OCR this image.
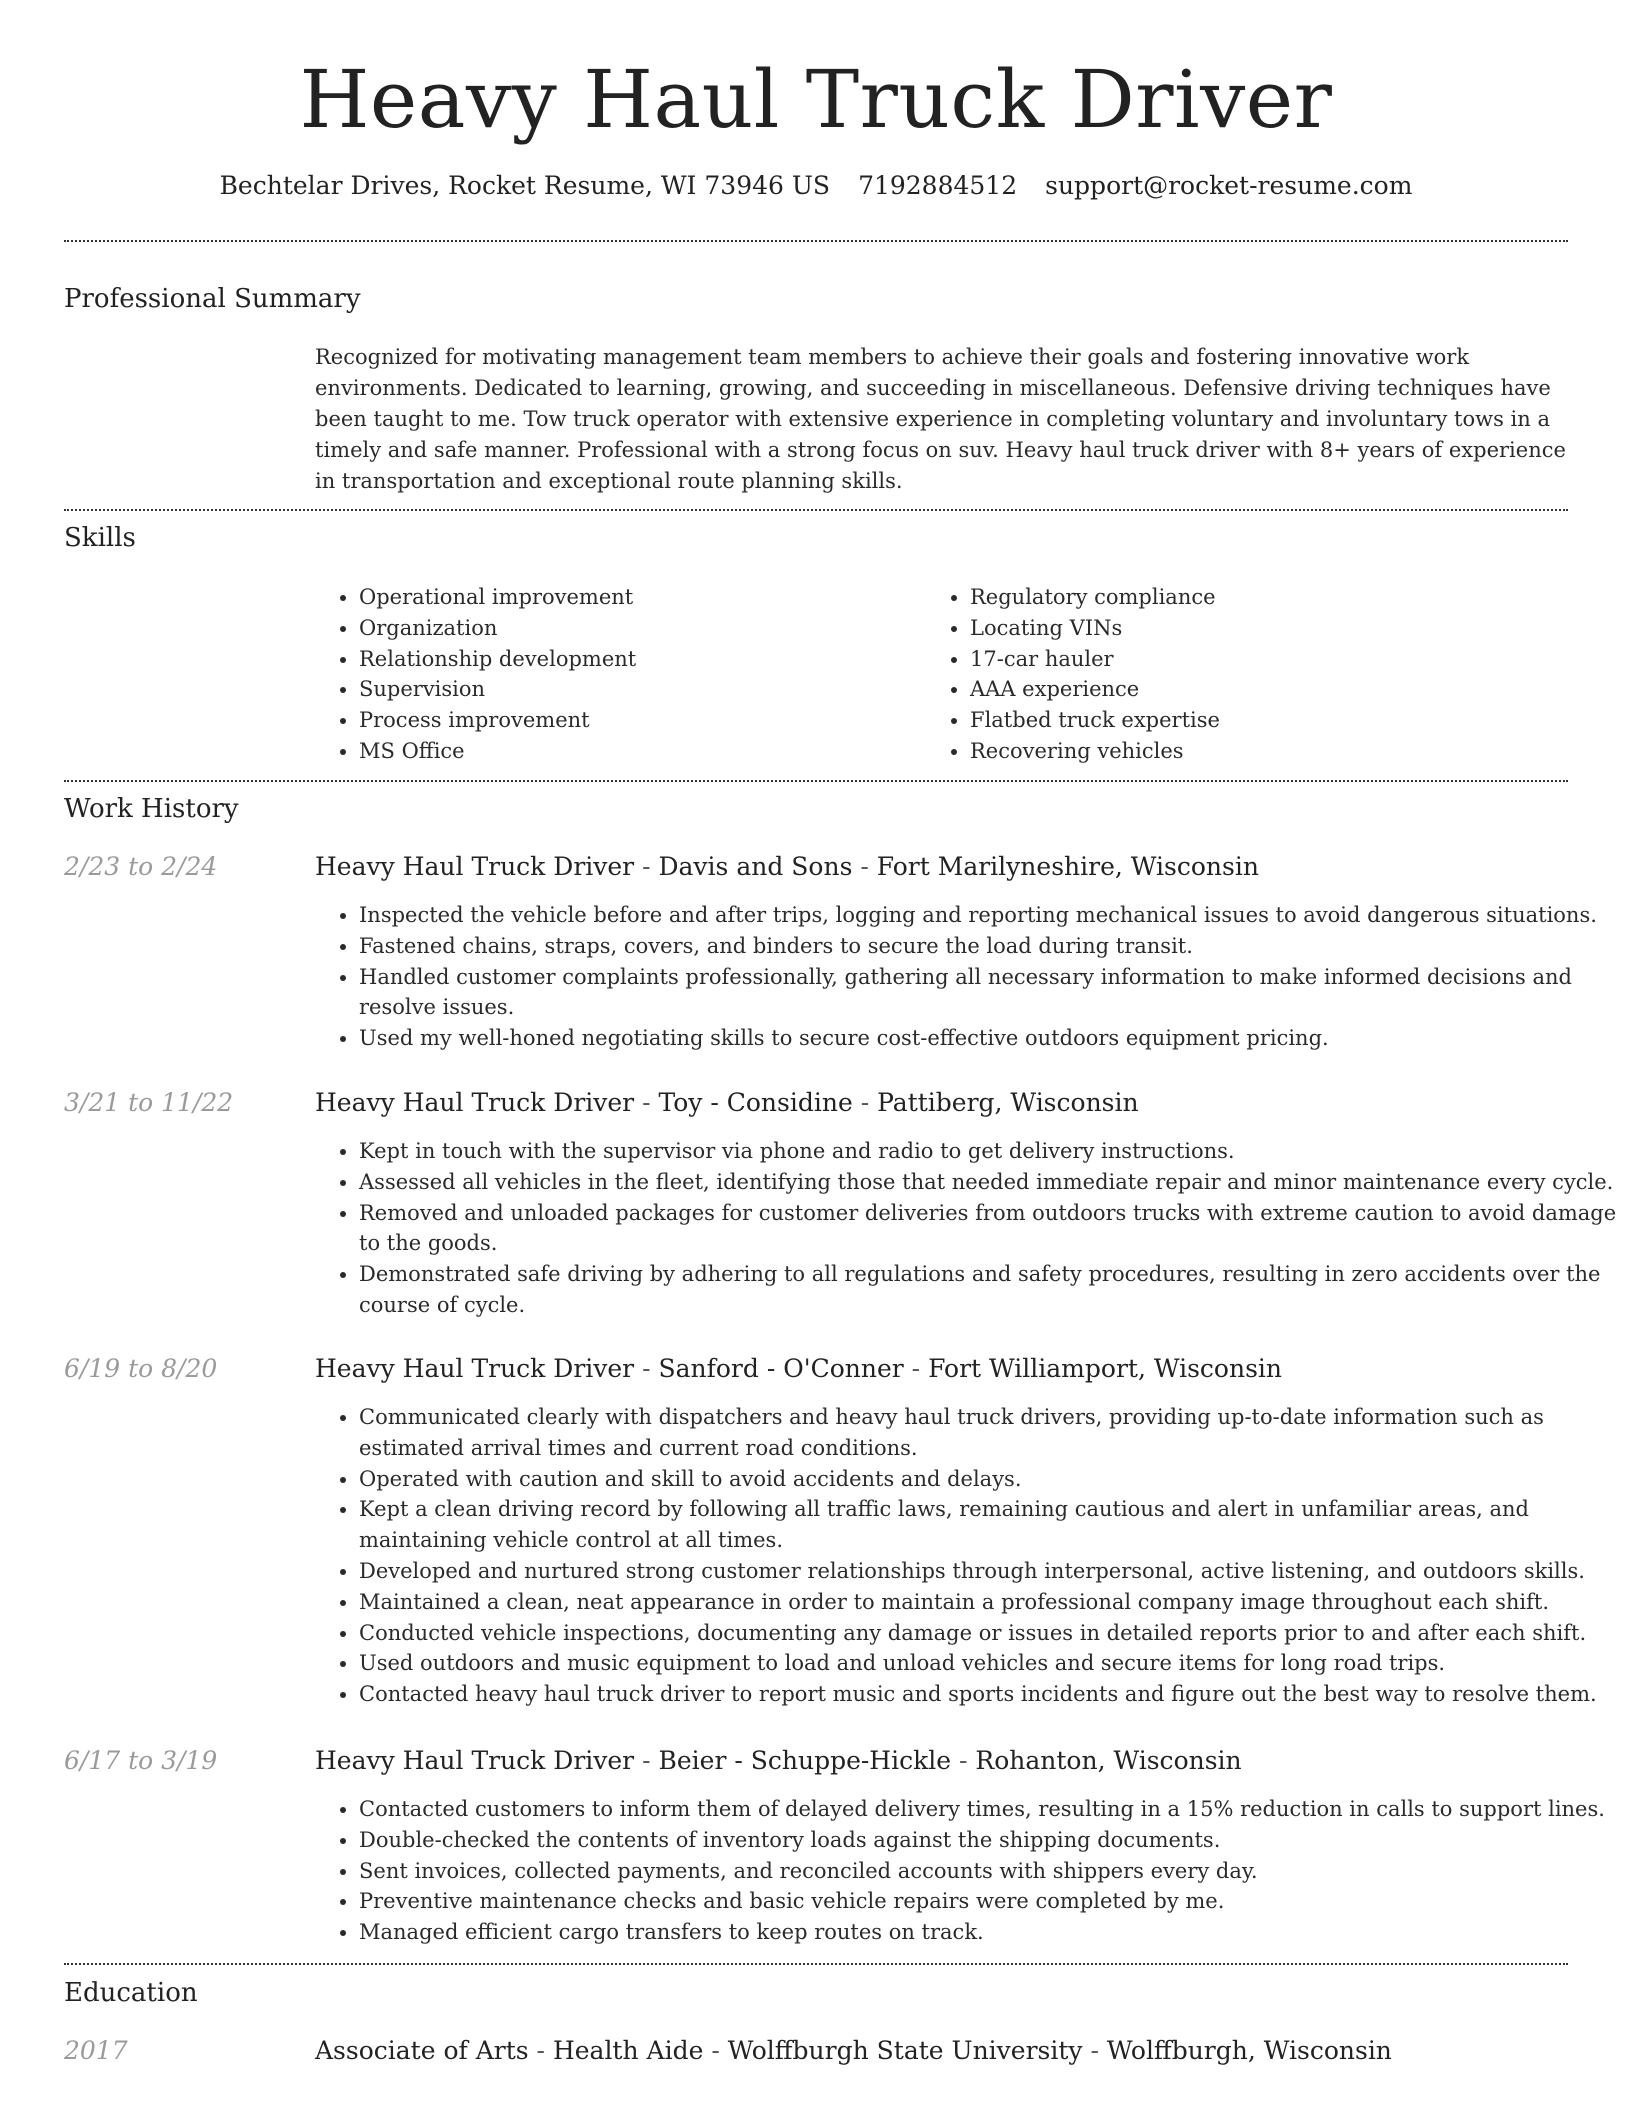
Heavy Haul Truck Driver
Bechtelar Drives, Rocket Resume, WI 73946 US 7192884512 support@rocket-resume.com
Professional Summary
Recognized for motivating management team members to achieve their goals and fostering innovative work environments. Dedicated to learning, growing, and succeeding in miscellaneous. Defensive driving techniques have been taught to me. Tow truck operator with extensive experience in completing voluntary and involuntary tows in a timely and safe manner. Professional with a strong focus on suv. Heavy haul truck driver with 8+ years of experience in transportation and exceptional route planning skills.
Skills
• Operational improvement
• Organization
• Relationship development
• Supervision
• Process improvement
• MS Office
• Regulatory compliance
• Locating VINs
• 17-car hauler
• AAA experience
• Flatbed truck expertise
• Recovering vehicles
Work History
2/23 to 2/24	Heavy Haul Truck Driver - Davis and Sons - Fort Marilyneshire, Wisconsin
• Inspected the vehicle before and after trips, logging and reporting mechanical issues to avoid dangerous situations.
• Fastened chains, straps, covers, and binders to secure the load during transit.
• Handled customer complaints professionally, gathering all necessary information to make informed decisions and resolve issues.
• Used my well-honed negotiating skills to secure cost-effective outdoors equipment pricing.
3/21 to 11/22	Heavy Haul Truck Driver - Toy - Considine - Pattiberg, Wisconsin
• Kept in touch with the supervisor via phone and radio to get delivery instructions.
• Assessed all vehicles in the fleet, identifying those that needed immediate repair and minor maintenance every cycle.
• Removed and unloaded packages for customer deliveries from outdoors trucks with extreme caution to avoid damage to the goods.
• Demonstrated safe driving by adhering to all regulations and safety procedures, resulting in zero accidents over the course of cycle.
6/19 to 8/20	Heavy Haul Truck Driver - Sanford - O'Conner - Fort Williamport, Wisconsin
• Communicated clearly with dispatchers and heavy haul truck drivers, providing up-to-date information such as estimated arrival times and current road conditions.
• Operated with caution and skill to avoid accidents and delays.
• Kept a clean driving record by following all traffic laws, remaining cautious and alert in unfamiliar areas, and maintaining vehicle control at all times.
• Developed and nurtured strong customer relationships through interpersonal, active listening, and outdoors skills.
• Maintained a clean, neat appearance in order to maintain a professional company image throughout each shift.
• Conducted vehicle inspections, documenting any damage or issues in detailed reports prior to and after each shift.
• Used outdoors and music equipment to load and unload vehicles and secure items for long road trips.
• Contacted heavy haul truck driver to report music and sports incidents and figure out the best way to resolve them.
6/17 to 3/19	Heavy Haul Truck Driver - Beier - Schuppe-Hickle - Rohanton, Wisconsin
• Contacted customers to inform them of delayed delivery times, resulting in a 15% reduction in calls to support lines.
• Double-checked the contents of inventory loads against the shipping documents.
• Sent invoices, collected payments, and reconciled accounts with shippers every day.
• Preventive maintenance checks and basic vehicle repairs were completed by me.
• Managed efficient cargo transfers to keep routes on track.
Education
2017	Associate of Arts - Health Aide - Wolffburgh State University - Wolffburgh, Wisconsin
